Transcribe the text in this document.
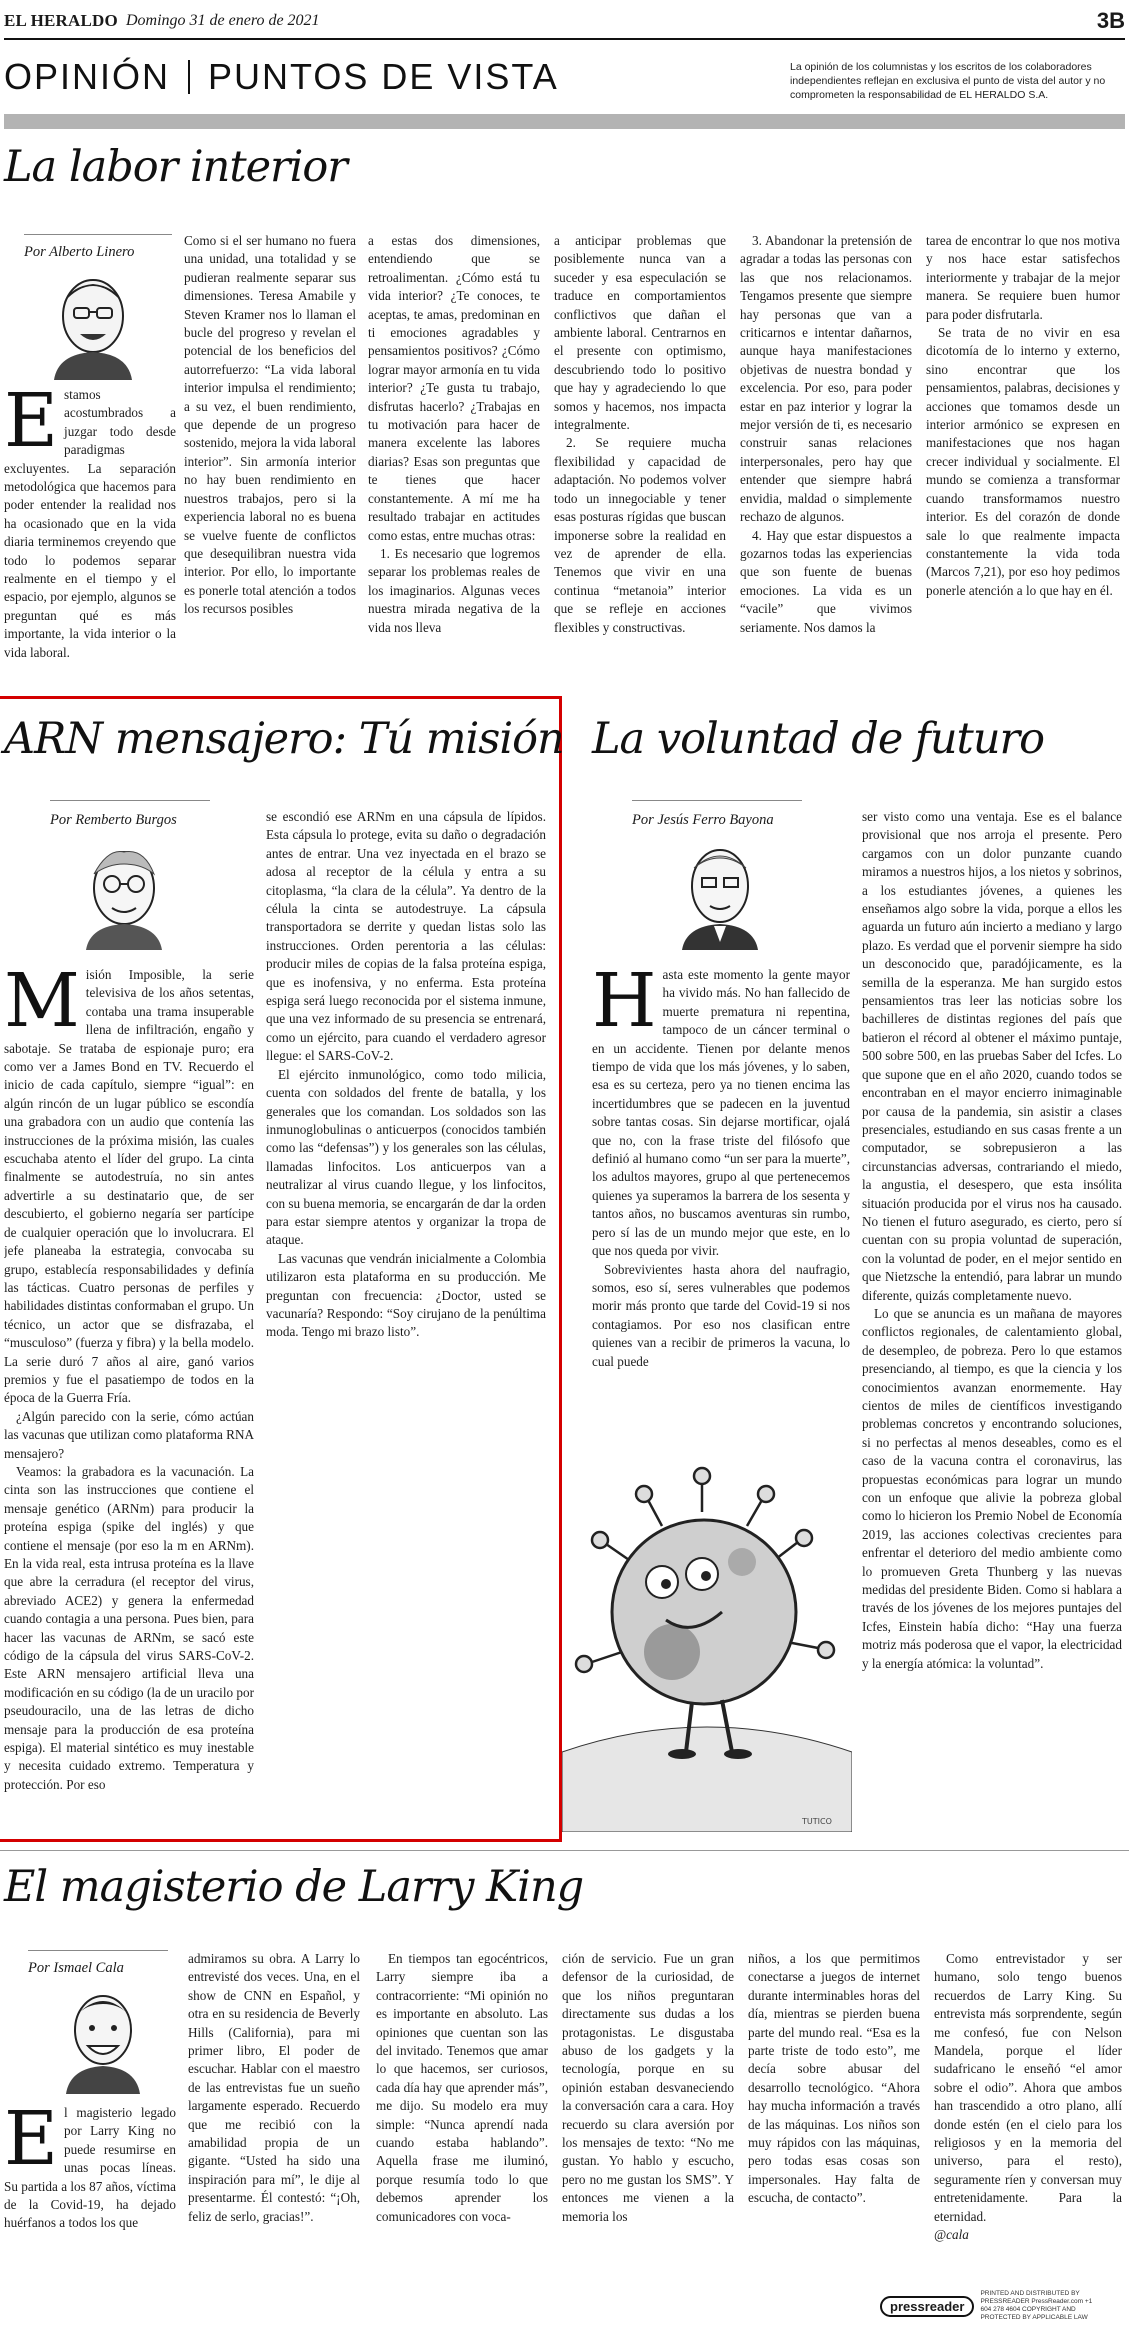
EL HERALDO Domingo 31 de enero de 2021	3B
OPINIÓN PUNTOS DE VISTA	La opinión de los columnistas y los escritos de los colaboradores independientes reflejan en exclusiva el punto de vista del autor y no comprometen la responsabilidad de EL HERALDO S.A.
La labor interior
Por Alberto Linero
E stamos acostumbrados a juzgar todo desde paradigmas excluyentes. La separación metodológica que hacemos para poder entender la realidad nos ha ocasionado que en la vida diaria terminemos creyendo que todo lo podemos separar realmente en el tiempo y el espacio, por ejemplo, algunos se preguntan qué es más importante, la vida interior o la vida laboral.

Como si el ser humano no fuera una unidad, una totalidad y se pudieran realmente separar sus dimensiones. Teresa Amabile y Steven Kramer nos lo llaman el bucle del progreso y revelan el potencial de los beneficios del autorrefuerzo: “La vida laboral interior impulsa el rendimiento; a su vez, el buen rendimiento, que depende de un progreso sostenido, mejora la vida laboral interior”. Sin armonía interior no hay buen rendimiento en nuestros trabajos, pero si la experiencia laboral no es buena se vuelve fuente de conflictos que desequilibran nuestra vida interior. Por ello, lo importante es ponerle total atención a todos los recursos posibles

a estas dos dimensiones, entendiendo que se retroalimentan. ¿Cómo está tu vida interior? ¿Te conoces, te aceptas, te amas, predominan en ti emociones agradables y pensamientos positivos? ¿Cómo lograr mayor armonía en tu vida interior? ¿Te gusta tu trabajo, disfrutas hacerlo? ¿Trabajas en tu motivación para hacer de manera excelente las labores diarias? Esas son preguntas que te tienes que hacer constantemente. A mí me ha resultado trabajar en actitudes como estas, entre muchas otras:

1. Es necesario que logremos separar los problemas reales de los imaginarios. Algunas veces nuestra mirada negativa de la vida nos lleva

a anticipar problemas que posiblemente nunca van a suceder y esa especulación se traduce en comportamientos conflictivos que dañan el ambiente laboral. Centrarnos en el presente con optimismo, descubriendo todo lo positivo que hay y agradeciendo lo que somos y hacemos, nos impacta integralmente.

2. Se requiere mucha flexibilidad y capacidad de adaptación. No podemos volver todo un innegociable y tener esas posturas rígidas que buscan imponerse sobre la realidad en vez de aprender de ella. Tenemos que vivir en una continua “metanoia” interior que se refleje en acciones flexibles y constructivas.

3. Abandonar la pretensión de agradar a todas las personas con las que nos relacionamos. Tengamos presente que siempre hay personas que van a criticarnos e intentar dañarnos, aunque haya manifestaciones objetivas de nuestra bondad y excelencia. Por eso, para poder estar en paz interior y lograr la mejor versión de ti, es necesario construir sanas relaciones interpersonales, pero hay que entender que siempre habrá envidia, maldad o simplemente rechazo de algunos.

4. Hay que estar dispuestos a gozarnos todas las experiencias que son fuente de buenas emociones. La vida es un “vacile” que vivimos seriamente. Nos damos la

tarea de encontrar lo que nos motiva y nos hace estar satisfechos interiormente y trabajar de la mejor manera. Se requiere buen humor para poder disfrutarla.

Se trata de no vivir en esa dicotomía de lo interno y externo, sino encontrar que los pensamientos, palabras, decisiones y acciones que tomamos desde un interior armónico se expresen en manifestaciones que nos hagan crecer individual y socialmente. El mundo se comienza a transformar cuando transformamos nuestro interior. Es del corazón de donde sale lo que realmente impacta constantemente la vida toda (Marcos 7,21), por eso hoy pedimos ponerle atención a lo que hay en él.

ARN mensajero: Tú misión
Por Remberto Burgos
M isión Imposible, la serie televisiva de los años setentas, contaba una trama insuperable llena de infiltración, engaño y sabotaje. Se trataba de espionaje puro; era como ver a James Bond en TV. Recuerdo el inicio de cada capítulo, siempre “igual”: en algún rincón de un lugar público se escondía una grabadora con un audio que contenía las instrucciones de la próxima misión, las cuales escuchaba atento el líder del grupo. La cinta finalmente se autodestruía, no sin antes advertirle a su destinatario que, de ser descubierto, el gobierno negaría ser partícipe de cualquier operación que lo involucrara. El jefe planeaba la estrategia, convocaba su grupo, establecía responsabilidades y definía las tácticas. Cuatro personas de perfiles y habilidades distintas conformaban el grupo. Un técnico, un actor que se disfrazaba, el “musculoso” (fuerza y fibra) y la bella modelo. La serie duró 7 años al aire, ganó varios premios y fue el pasatiempo de todos en la época de la Guerra Fría.

¿Algún parecido con la serie, cómo actúan las vacunas que utilizan como plataforma RNA mensajero?

Veamos: la grabadora es la vacunación. La cinta son las instrucciones que contiene el mensaje genético (ARNm) para producir la proteína espiga (spike del inglés) y que contiene el mensaje (por eso la m en ARNm). En la vida real, esta intrusa proteína es la llave que abre la cerradura (el receptor del virus, abreviado ACE2) y genera la enfermedad cuando contagia a una persona. Pues bien, para hacer las vacunas de ARNm, se sacó este código de la cápsula del virus SARS-CoV-2. Este ARN mensajero artificial lleva una modificación en su código (la de un uracilo por pseudouracilo, una de las letras de dicho mensaje para la producción de esa proteína espiga). El material sintético es muy inestable y necesita cuidado extremo. Temperatura y protección. Por eso

se escondió ese ARNm en una cápsula de lípidos. Esta cápsula lo protege, evita su daño o degradación antes de entrar. Una vez inyectada en el brazo se adosa al receptor de la célula y entra a su citoplasma, “la clara de la célula”. Ya dentro de la célula la cinta se autodestruye. La cápsula transportadora se derrite y quedan listas solo las instrucciones. Orden perentoria a las células: producir miles de copias de la falsa proteína espiga, que es inofensiva, y no enferma. Esta proteína espiga será luego reconocida por el sistema inmune, que una vez informado de su presencia se entrenará, como un ejército, para cuando el verdadero agresor llegue: el SARS-CoV-2.

El ejército inmunológico, como todo milicia, cuenta con soldados del frente de batalla, y los generales que los comandan. Los soldados son las inmunoglobulinas o anticuerpos (conocidos también como las “defensas”) y los generales son las células, llamadas linfocitos. Los anticuerpos van a neutralizar al virus cuando llegue, y los linfocitos, con su buena memoria, se encargarán de dar la orden para estar siempre atentos y organizar la tropa de ataque.

Las vacunas que vendrán inicialmente a Colombia utilizaron esta plataforma en su producción. Me preguntan con frecuencia: ¿Doctor, usted se vacunaría? Respondo: “Soy cirujano de la penúltima moda. Tengo mi brazo listo”.

La voluntad de futuro
Por Jesús Ferro Bayona
H asta este momento la gente mayor ha vivido más. No han fallecido de muerte prematura ni repentina, tampoco de un cáncer terminal o en un accidente. Tienen por delante menos tiempo de vida que los más jóvenes, y lo saben, esa es su certeza, pero ya no tienen encima las incertidumbres que se padecen en la juventud sobre tantas cosas. Sin dejarse mortificar, ojalá que no, con la frase triste del filósofo que definió al humano como “un ser para la muerte”, los adultos mayores, grupo al que pertenecemos quienes ya superamos la barrera de los sesenta y tantos años, no buscamos aventuras sin rumbo, pero sí las de un mundo mejor que este, en lo que nos queda por vivir.

Sobrevivientes hasta ahora del naufragio, somos, eso sí, seres vulnerables que podemos morir más pronto que tarde del Covid-19 si nos contagiamos. Por eso nos clasifican entre quienes van a recibir de primeros la vacuna, lo cual puede

ser visto como una ventaja. Ese es el balance provisional que nos arroja el presente. Pero cargamos con un dolor punzante cuando miramos a nuestros hijos, a los nietos y sobrinos, a los estudiantes jóvenes, a quienes les enseñamos algo sobre la vida, porque a ellos les aguarda un futuro aún incierto a mediano y largo plazo. Es verdad que el porvenir siempre ha sido un desconocido que, paradójicamente, es la semilla de la esperanza. Me han surgido estos pensamientos tras leer las noticias sobre los bachilleres de distintas regiones del país que batieron el récord al obtener el máximo puntaje, 500 sobre 500, en las pruebas Saber del Icfes. Lo que supone que en el año 2020, cuando todos se encontraban en el mayor encierro inimaginable por causa de la pandemia, sin asistir a clases presenciales, estudiando en sus casas frente a un computador, se sobrepusieron a las circunstancias adversas, contrariando el miedo, la angustia, el desespero, que esta insólita situación producida por el virus nos ha causado. No tienen el futuro asegurado, es cierto, pero sí cuentan con su propia voluntad de superación, con la voluntad de poder, en el mejor sentido en que Nietzsche la entendió, para labrar un mundo diferente, quizás completamente nuevo.

Lo que se anuncia es un mañana de mayores conflictos regionales, de calentamiento global, de desempleo, de pobreza. Pero lo que estamos presenciando, al tiempo, es que la ciencia y los conocimientos avanzan enormemente. Hay cientos de miles de científicos investigando problemas concretos y encontrando soluciones, si no perfectas al menos deseables, como es el caso de la vacuna contra el coronavirus, las propuestas económicas para lograr un mundo con un enfoque que alivie la pobreza global como lo hicieron los Premio Nobel de Economía 2019, las acciones colectivas crecientes para enfrentar el deterioro del medio ambiente como lo promueven Greta Thunberg y las nuevas medidas del presidente Biden. Como si hablara a través de los jóvenes de los mejores puntajes del Icfes, Einstein había dicho: “Hay una fuerza motriz más poderosa que el vapor, la electricidad y la energía atómica: la voluntad”.

TUTICO
El magisterio de Larry King
Por Ismael Cala
E l magisterio legado por Larry King no puede resumirse en unas pocas líneas. Su partida a los 87 años, víctima de la Covid-19, ha dejado huérfanos a todos los que

admiramos su obra. A Larry lo entrevisté dos veces. Una, en el show de CNN en Español, y otra en su residencia de Beverly Hills (California), para mi primer libro, El poder de escuchar. Hablar con el maestro de las entrevistas fue un sueño largamente esperado. Recuerdo que me recibió con la amabilidad propia de un gigante. “Usted ha sido una inspiración para mí”, le dije al presentarme. Él contestó: “¡Oh, feliz de serlo, gracias!”.

En tiempos tan egocéntricos, Larry siempre iba a contracorriente: “Mi opinión no es importante en absoluto. Las opiniones que cuentan son las del invitado. Tenemos que amar lo que hacemos, ser curiosos, cada día hay que aprender más”, me dijo. Su modelo era muy simple: “Nunca aprendí nada cuando estaba hablando”. Aquella frase me iluminó, porque resumía todo lo que debemos aprender los comunicadores con voca-

ción de servicio. Fue un gran defensor de la curiosidad, de que los niños preguntaran directamente sus dudas a los protagonistas. Le disgustaba abuso de los gadgets y la tecnología, porque en su opinión estaban desvaneciendo la conversación cara a cara. Hoy recuerdo su clara aversión por los mensajes de texto: “No me gustan. Yo hablo y escucho, pero no me gustan los SMS”. Y entonces me vienen a la memoria los

niños, a los que permitimos conectarse a juegos de internet durante interminables horas del día, mientras se pierden buena parte del mundo real. “Esa es la parte triste de todo esto”, me decía sobre abusar del desarrollo tecnológico. “Ahora hay mucha información a través de las máquinas. Los niños son muy rápidos con las máquinas, pero todas esas cosas son impersonales. Hay falta de escucha, de contacto”.

Como entrevistador y ser humano, solo tengo buenos recuerdos de Larry King. Su entrevista más sorprendente, según me confesó, fue con Nelson Mandela, porque el líder sudafricano le enseñó “el amor sobre el odio”. Ahora que ambos han trascendido a otro plano, allí donde estén (en el cielo para los religiosos y en la memoria del universo, para el resto), seguramente ríen y conversan muy entretenidamente. Para la eternidad.

@cala

pressreader
PRINTED AND DISTRIBUTED BY PRESSREADER PressReader.com +1 604 278 4604 COPYRIGHT AND PROTECTED BY APPLICABLE LAW
